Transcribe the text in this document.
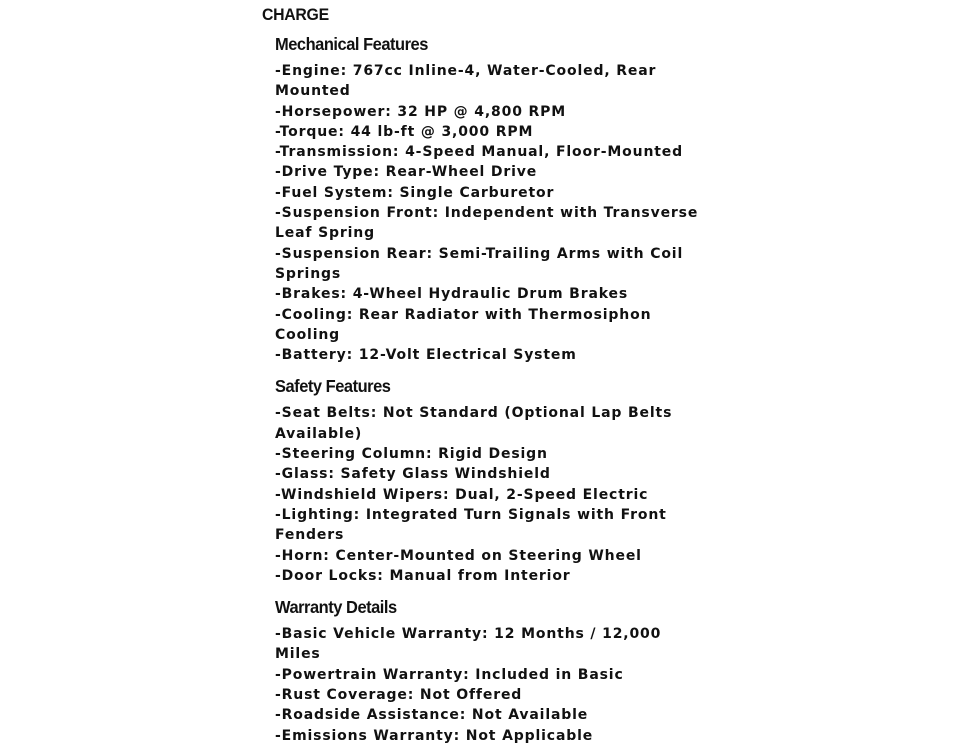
CHARGE
Mechanical Features
-Engine: 767cc Inline-4, Water-Cooled, Rear Mounted
-Horsepower: 32 HP @ 4,800 RPM
-Torque: 44 lb-ft @ 3,000 RPM
-Transmission: 4-Speed Manual, Floor-Mounted
-Drive Type: Rear-Wheel Drive
-Fuel System: Single Carburetor
-Suspension Front: Independent with Transverse Leaf Spring
-Suspension Rear: Semi-Trailing Arms with Coil Springs
-Brakes: 4-Wheel Hydraulic Drum Brakes
-Cooling: Rear Radiator with Thermosiphon Cooling
-Battery: 12-Volt Electrical System
Safety Features
-Seat Belts: Not Standard (Optional Lap Belts Available)
-Steering Column: Rigid Design
-Glass: Safety Glass Windshield
-Windshield Wipers: Dual, 2-Speed Electric
-Lighting: Integrated Turn Signals with Front Fenders
-Horn: Center-Mounted on Steering Wheel
-Door Locks: Manual from Interior
Warranty Details
-Basic Vehicle Warranty: 12 Months / 12,000 Miles
-Powertrain Warranty: Included in Basic
-Rust Coverage: Not Offered
-Roadside Assistance: Not Available
-Emissions Warranty: Not Applicable
